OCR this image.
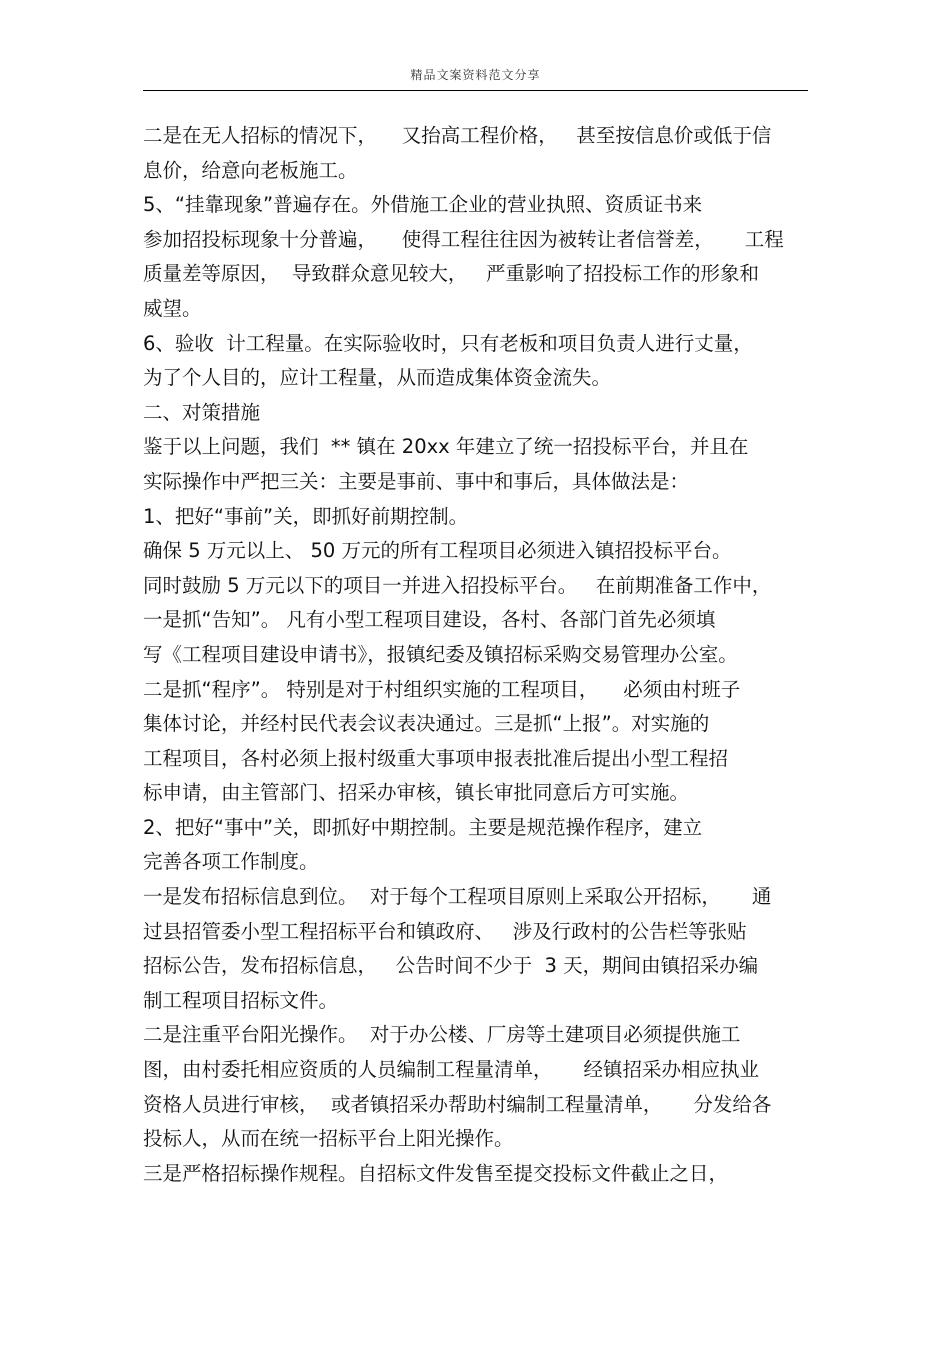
精品文案资料范文分享
二是在无人招标的情况下，    又抬高工程价格，   甚至按信息价或低于信
息价，给意向老板施工。
5、“挂靠现象”普遍存在。外借施工企业的营业执照、资质证书来
参加招投标现象十分普遍，    使得工程往往因为被转让者信誉差，     工程
质量差等原因，  导致群众意见较大，   严重影响了招投标工作的形象和
威望。
6、验收  计工程量。在实际验收时，只有老板和项目负责人进行丈量，
为了个人目的，应计工程量，从而造成集体资金流失。
二、对策措施
鉴于以上问题，我们  ** 镇在 20xx 年建立了统一招投标平台，并且在
实际操作中严把三关：主要是事前、事中和事后，具体做法是：
1、把好“事前”关，即抓好前期控制。
确保 5 万元以上、 50 万元的所有工程项目必须进入镇招投标平台。
同时鼓励 5 万元以下的项目一并进入招投标平台。   在前期准备工作中，
一是抓“告知”。 凡有小型工程项目建设，各村、各部门首先必须填
写《工程项目建设申请书》，报镇纪委及镇招标采购交易管理办公室。
二是抓“程序”。 特别是对于村组织实施的工程项目，    必须由村班子
集体讨论，并经村民代表会议表决通过。三是抓“上报”。对实施的
工程项目，各村必须上报村级重大事项申报表批准后提出小型工程招
标申请，由主管部门、招采办审核，镇长审批同意后方可实施。
2、把好“事中”关，即抓好中期控制。主要是规范操作程序，建立
完善各项工作制度。
一是发布招标信息到位。  对于每个工程项目原则上采取公开招标，     通
过县招管委小型工程招标平台和镇政府、   涉及行政村的公告栏等张贴
招标公告，发布招标信息，   公告时间不少于  3 天，期间由镇招采办编
制工程项目招标文件。
二是注重平台阳光操作。  对于办公楼、厂房等土建项目必须提供施工
图，由村委托相应资质的人员编制工程量清单，     经镇招采办相应执业
资格人员进行审核，  或者镇招采办帮助村编制工程量清单，     分发给各
投标人，从而在统一招标平台上阳光操作。
三是严格招标操作规程。自招标文件发售至提交投标文件截止之日，
